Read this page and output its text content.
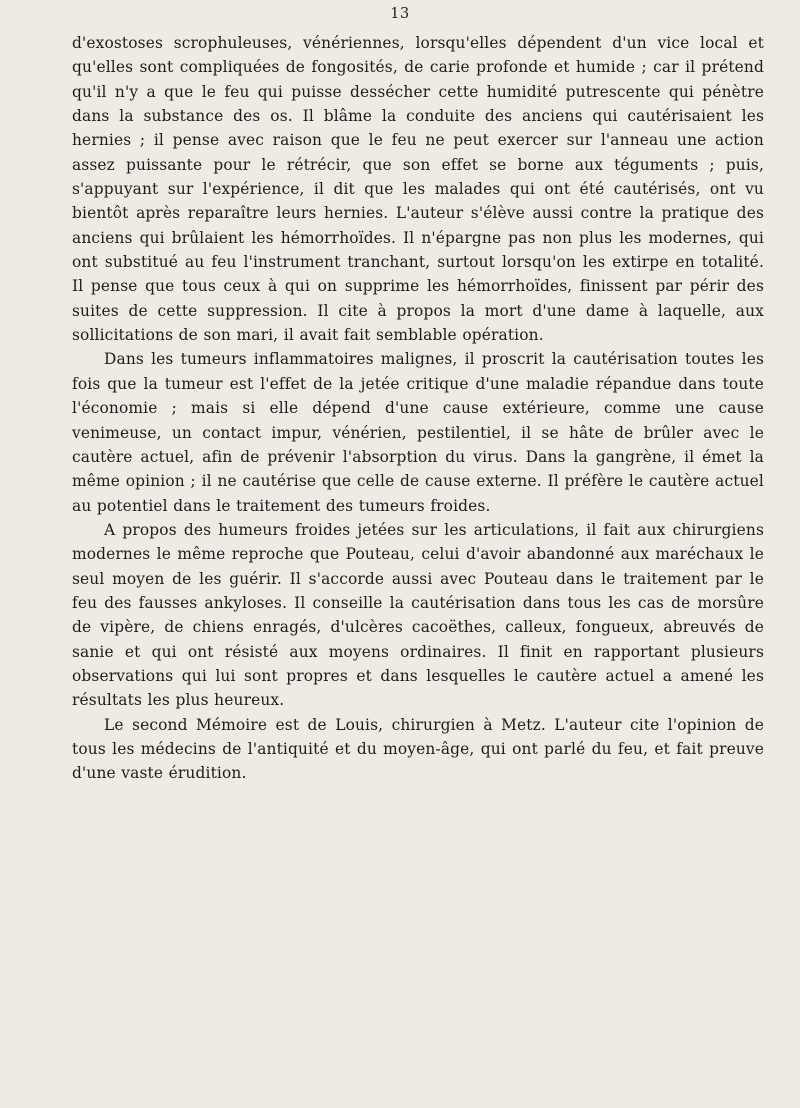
13

d'exostoses scrophuleuses, vénériennes, lorsqu'elles dépendent d'un vice local et qu'elles sont compliquées de fongosités, de carie profonde et humide ; car il prétend qu'il n'y a que le feu qui puisse dessécher cette humidité putrescente qui pénètre dans la substance des os. Il blâme la conduite des anciens qui cautérisaient les hernies ; il pense avec raison que le feu ne peut exercer sur l'anneau une action assez puissante pour le rétrécir, que son effet se borne aux téguments ; puis, s'appuyant sur l'expérience, il dit que les malades qui ont été cautérisés, ont vu bientôt après reparaître leurs hernies. L'auteur s'élève aussi contre la pratique des anciens qui brûlaient les hémorrhoïdes. Il n'épargne pas non plus les modernes, qui ont substitué au feu l'instrument tranchant, surtout lorsqu'on les extirpe en totalité. Il pense que tous ceux à qui on supprime les hémorrhoïdes, finissent par périr des suites de cette suppression. Il cite à propos la mort d'une dame à laquelle, aux sollicitations de son mari, il avait fait semblable opération.

Dans les tumeurs inflammatoires malignes, il proscrit la cautérisation toutes les fois que la tumeur est l'effet de la jetée critique d'une maladie répandue dans toute l'économie ; mais si elle dépend d'une cause extérieure, comme une cause venimeuse, un contact impur, vénérien, pestilentiel, il se hâte de brûler avec le cautère actuel, afin de prévenir l'absorption du virus. Dans la gangrène, il émet la même opinion ; il ne cautérise que celle de cause externe. Il préfère le cautère actuel au potentiel dans le traitement des tumeurs froides.

A propos des humeurs froides jetées sur les articulations, il fait aux chirurgiens modernes le même reproche que Pouteau, celui d'avoir abandonné aux maréchaux le seul moyen de les guérir. Il s'accorde aussi avec Pouteau dans le traitement par le feu des fausses ankyloses. Il conseille la cautérisation dans tous les cas de morsûre de vipère, de chiens enragés, d'ulcères cacoëthes, calleux, fongueux, abreuvés de sanie et qui ont résisté aux moyens ordinaires. Il finit en rapportant plusieurs observations qui lui sont propres et dans lesquelles le cautère actuel a amené les résultats les plus heureux.

Le second Mémoire est de Louis, chirurgien à Metz. L'auteur cite l'opinion de tous les médecins de l'antiquité et du moyen-âge, qui ont parlé du feu, et fait preuve d'une vaste érudition.
